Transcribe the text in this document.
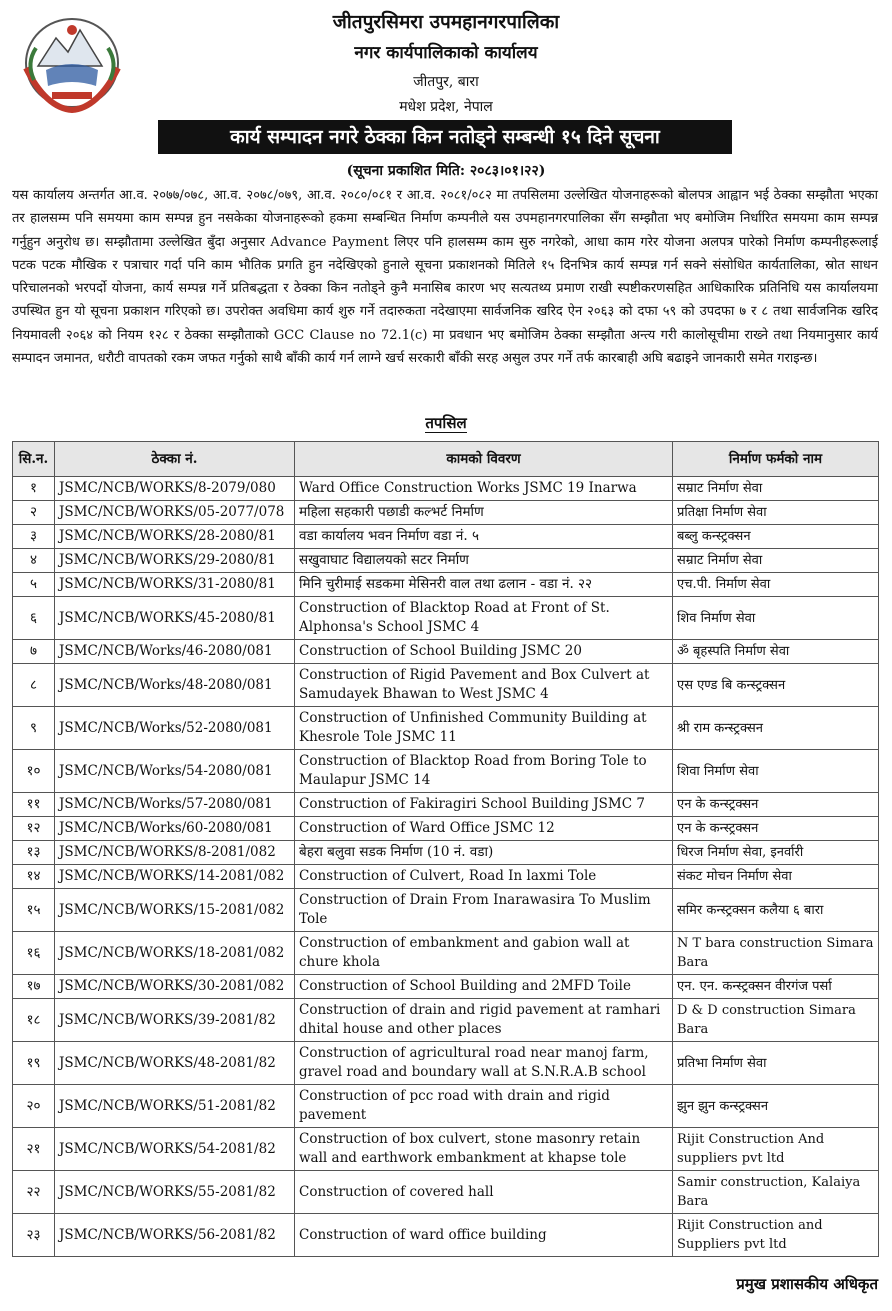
जीतपुरसिमरा उपमहानगरपालिका
नगर कार्यपालिकाको कार्यालय
जीतपुर, बारा
मधेश प्रदेश, नेपाल
कार्य सम्पादन नगरे ठेक्का किन नतोड्ने सम्बन्धी १५ दिने सूचना
(सूचना प्रकाशित मिति: २०८३।०१।२२)
यस कार्यालय अन्तर्गत आ.व. २०७७/०७८, आ.व. २०७८/०७९, आ.व. २०८०/०८१ र आ.व. २०८१/०८२ मा तपसिलमा उल्लेखित योजनाहरूको बोलपत्र आह्वान भई ठेक्का सम्झौता भएका तर हालसम्म पनि समयमा काम सम्पन्न हुन नसकेका योजनाहरूको हकमा सम्बन्धित निर्माण कम्पनीले यस उपमहानगरपालिका सँग सम्झौता भए बमोजिम निर्धारित समयमा काम सम्पन्न गर्नुहुन अनुरोध छ। सम्झौतामा उल्लेखित बुँदा अनुसार Advance Payment लिएर पनि हालसम्म काम सुरु नगरेको, आधा काम गरेर योजना अलपत्र पारेको निर्माण कम्पनीहरूलाई पटक पटक मौखिक र पत्राचार गर्दा पनि काम भौतिक प्रगति हुन नदेखिएको हुनाले सूचना प्रकाशनको मितिले १५ दिनभित्र कार्य सम्पन्न गर्न सक्ने संसोधित कार्यतालिका, स्रोत साधन परिचालनको भरपर्दो योजना, कार्य सम्पन्न गर्ने प्रतिबद्धता र ठेक्का किन नतोड्ने कुनै मनासिब कारण भए सत्यतथ्य प्रमाण राखी स्पष्टीकरणसहित आधिकारिक प्रतिनिधि यस कार्यालयमा उपस्थित हुन यो सूचना प्रकाशन गरिएको छ। उपरोक्त अवधिमा कार्य शुरु गर्ने तदारुकता नदेखाएमा सार्वजनिक खरिद ऐन २०६३ को दफा ५९ को उपदफा ७ र ८ तथा सार्वजनिक खरिद नियमावली २०६४ को नियम १२८ र ठेक्का सम्झौताको GCC Clause no 72.1(c) मा प्रवधान भए बमोजिम ठेक्का सम्झौता अन्त्य गरी कालोसूचीमा राख्ने तथा नियमानुसार कार्य सम्पादन जमानत, धरौटी वापतको रकम जफत गर्नुको साथै बाँकी कार्य गर्न लाग्ने खर्च सरकारी बाँकी सरह असुल उपर गर्ने तर्फ कारबाही अघि बढाइने जानकारी समेत गराइन्छ।
तपसिल
सि.न.	ठेक्का नं.	कामको विवरण	निर्माण फर्मको नाम
१	JSMC/NCB/WORKS/8-2079/080	Ward Office Construction Works JSMC 19 Inarwa	सम्राट निर्माण सेवा
२	JSMC/NCB/WORKS/05-2077/078	महिला सहकारी पछाडी कल्भर्ट निर्माण	प्रतिक्षा निर्माण सेवा
३	JSMC/NCB/WORKS/28-2080/81	वडा कार्यालय भवन निर्माण वडा नं. ५	बब्लु कन्स्ट्रक्सन
४	JSMC/NCB/WORKS/29-2080/81	सखुवाघाट विद्यालयको सटर निर्माण	सम्राट निर्माण सेवा
५	JSMC/NCB/WORKS/31-2080/81	मिनि चुरीमाई सडकमा मेसिनरी वाल तथा ढलान - वडा नं. २२	एच.पी. निर्माण सेवा
६	JSMC/NCB/WORKS/45-2080/81	Construction of Blacktop Road at Front of St. Alphonsa's School JSMC 4	शिव निर्माण सेवा
७	JSMC/NCB/Works/46-2080/081	Construction of School Building JSMC 20	ॐ बृहस्पति निर्माण सेवा
८	JSMC/NCB/Works/48-2080/081	Construction of Rigid Pavement and Box Culvert at Samudayek Bhawan to West JSMC 4	एस एण्ड बि कन्स्ट्रक्सन
९	JSMC/NCB/Works/52-2080/081	Construction of Unfinished Community Building at Khesrole Tole JSMC 11	श्री राम कन्स्ट्रक्सन
१०	JSMC/NCB/Works/54-2080/081	Construction of Blacktop Road from Boring Tole to Maulapur JSMC 14	शिवा निर्माण सेवा
११	JSMC/NCB/Works/57-2080/081	Construction of Fakiragiri School Building JSMC 7	एन के कन्स्ट्रक्सन
१२	JSMC/NCB/Works/60-2080/081	Construction of Ward Office JSMC 12	एन के कन्स्ट्रक्सन
१३	JSMC/NCB/WORKS/8-2081/082	बेहरा बलुवा सडक निर्माण (10 नं. वडा)	धिरज निर्माण सेवा, इनर्वारी
१४	JSMC/NCB/WORKS/14-2081/082	Construction of Culvert, Road In laxmi Tole	संकट मोचन निर्माण सेवा
१५	JSMC/NCB/WORKS/15-2081/082	Construction of Drain From Inarawasira To Muslim Tole	समिर कन्स्ट्रक्सन कलैया ६ बारा
१६	JSMC/NCB/WORKS/18-2081/082	Construction of embankment and gabion wall at chure khola	N T bara construction Simara Bara
१७	JSMC/NCB/WORKS/30-2081/082	Construction of School Building and 2MFD Toile	एन. एन. कन्स्ट्रक्सन वीरगंज पर्सा
१८	JSMC/NCB/WORKS/39-2081/82	Construction of drain and rigid pavement at ramhari dhital house and other places	D & D construction Simara Bara
१९	JSMC/NCB/WORKS/48-2081/82	Construction of agricultural road near manoj farm, gravel road and boundary wall at S.N.R.A.B school	प्रतिभा निर्माण सेवा
२०	JSMC/NCB/WORKS/51-2081/82	Construction of pcc road with drain and rigid pavement	झुन झुन कन्स्ट्रक्सन
२१	JSMC/NCB/WORKS/54-2081/82	Construction of box culvert, stone masonry retain wall and earthwork embankment at khapse tole	Rijit Construction And suppliers pvt ltd
२२	JSMC/NCB/WORKS/55-2081/82	Construction of covered hall	Samir construction, Kalaiya Bara
२३	JSMC/NCB/WORKS/56-2081/82	Construction of ward office building	Rijit Construction and Suppliers pvt ltd
प्रमुख प्रशासकीय अधिकृत
